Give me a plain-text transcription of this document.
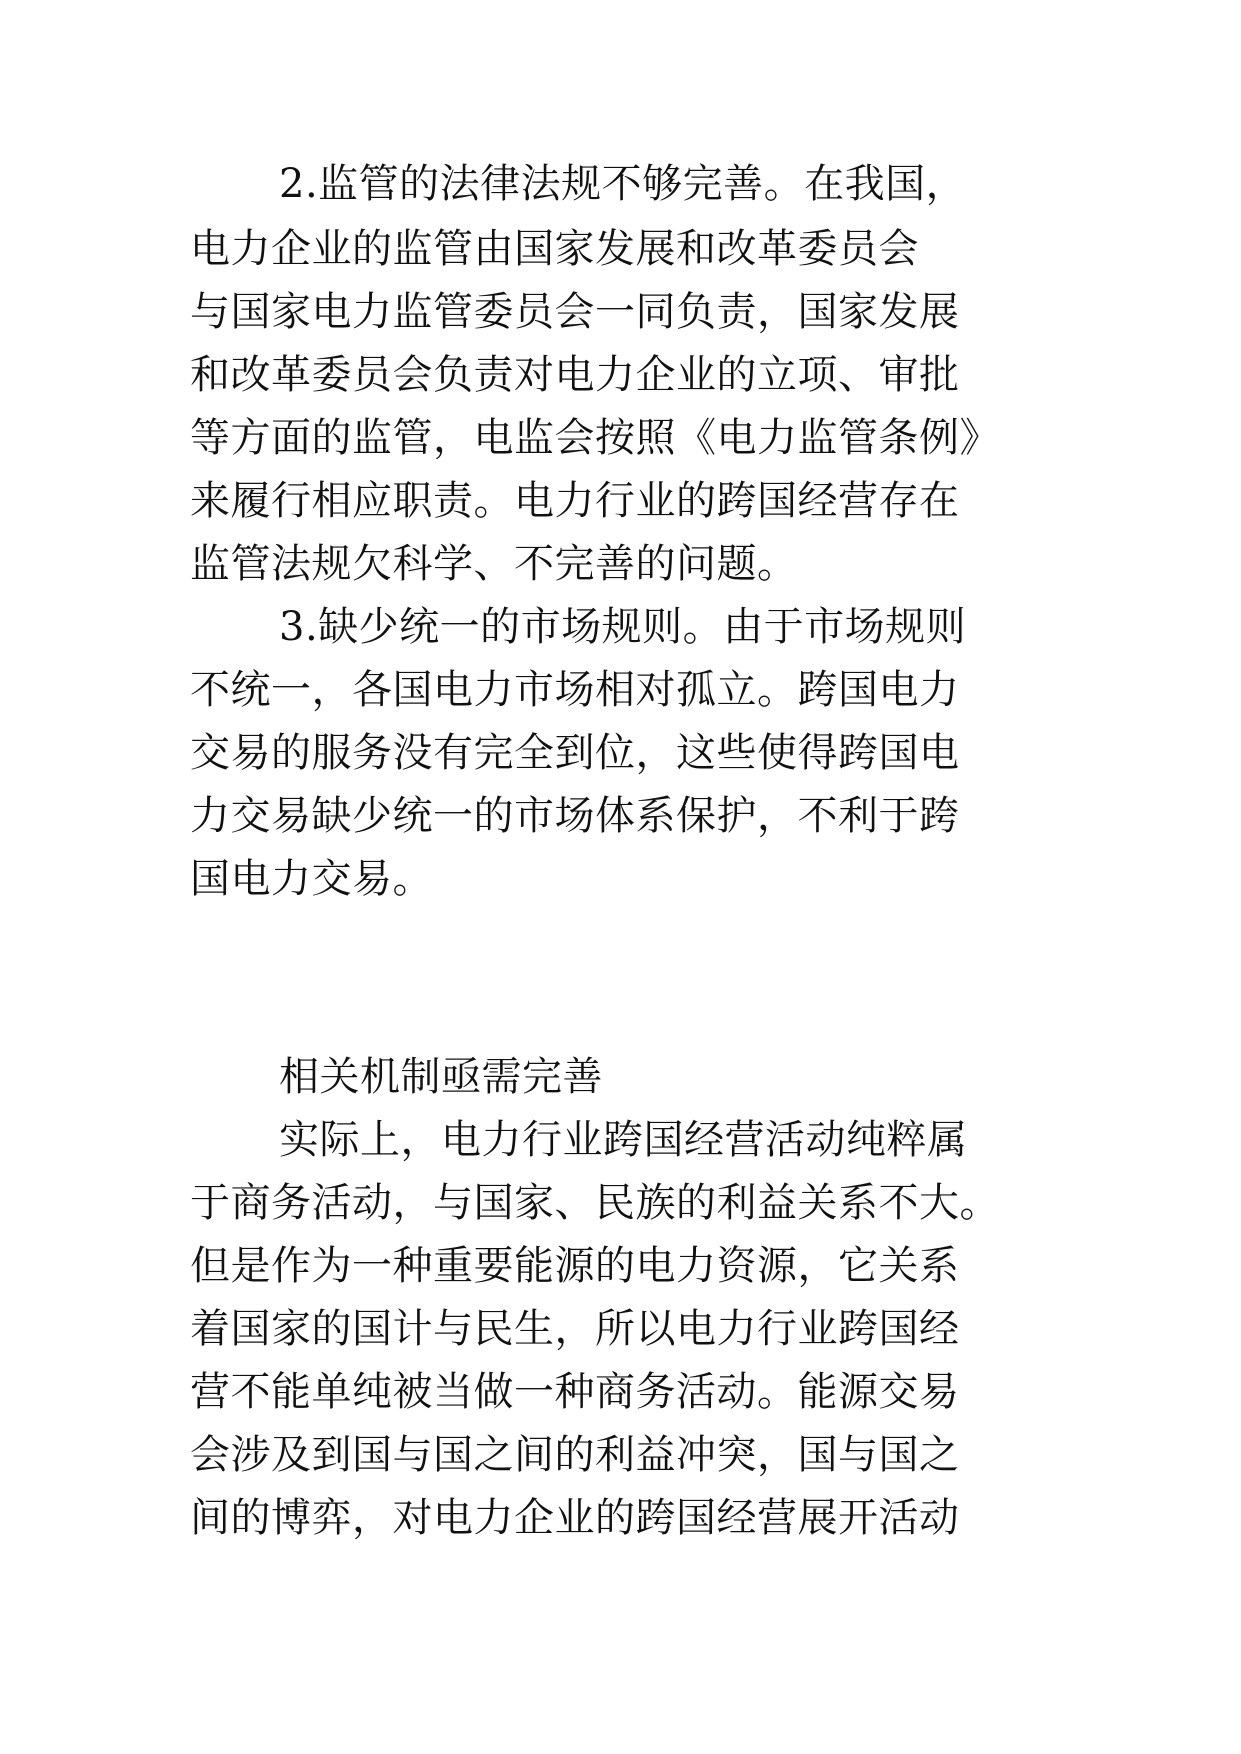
2.监管的法律法规不够完善。在我国，
电力企业的监管由国家发展和改革委员会
与国家电力监管委员会一同负责，国家发展
和改革委员会负责对电力企业的立项、审批
等方面的监管，电监会按照《电力监管条例》
来履行相应职责。电力行业的跨国经营存在
监管法规欠科学、不完善的问题。
3.缺少统一的市场规则。由于市场规则
不统一，各国电力市场相对孤立。跨国电力
交易的服务没有完全到位，这些使得跨国电
力交易缺少统一的市场体系保护，不利于跨
国电力交易。
相关机制亟需完善
实际上，电力行业跨国经营活动纯粹属
于商务活动，与国家、民族的利益关系不大。
但是作为一种重要能源的电力资源，它关系
着国家的国计与民生，所以电力行业跨国经
营不能单纯被当做一种商务活动。能源交易
会涉及到国与国之间的利益冲突，国与国之
间的博弈，对电力企业的跨国经营展开活动
